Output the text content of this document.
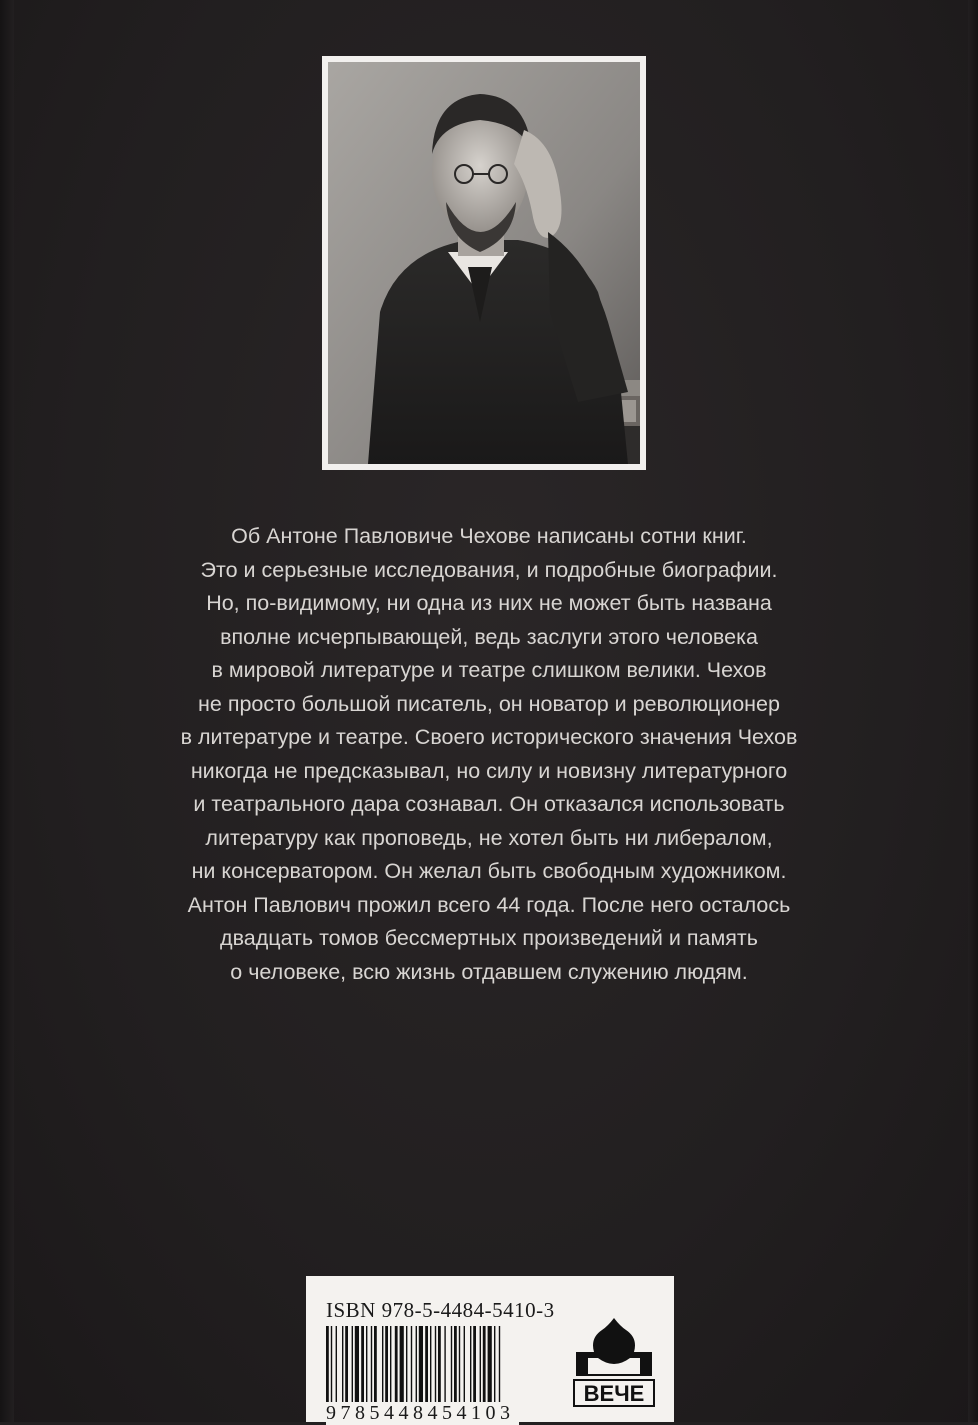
Об Антоне Павловиче Чехове написаны сотни книг.
Это и серьезные исследования, и подробные биографии.
Но, по-видимому, ни одна из них не может быть названа
вполне исчерпывающей, ведь заслуги этого человека
в мировой литературе и театре слишком велики. Чехов
не просто большой писатель, он новатор и революционер
в литературе и театре. Своего исторического значения Чехов
никогда не предсказывал, но силу и новизну литературного
и театрального дара сознавал. Он отказался использовать
литературу как проповедь, не хотел быть ни либералом,
ни консерватором. Он желал быть свободным художником.
Антон Павлович прожил всего 44 года. После него осталось
двадцать томов бессмертных произведений и память
о человеке, всю жизнь отдавшем служению людям.
ISBN 978-5-4484-5410-3
9785448454103
ВЕЧЕ
